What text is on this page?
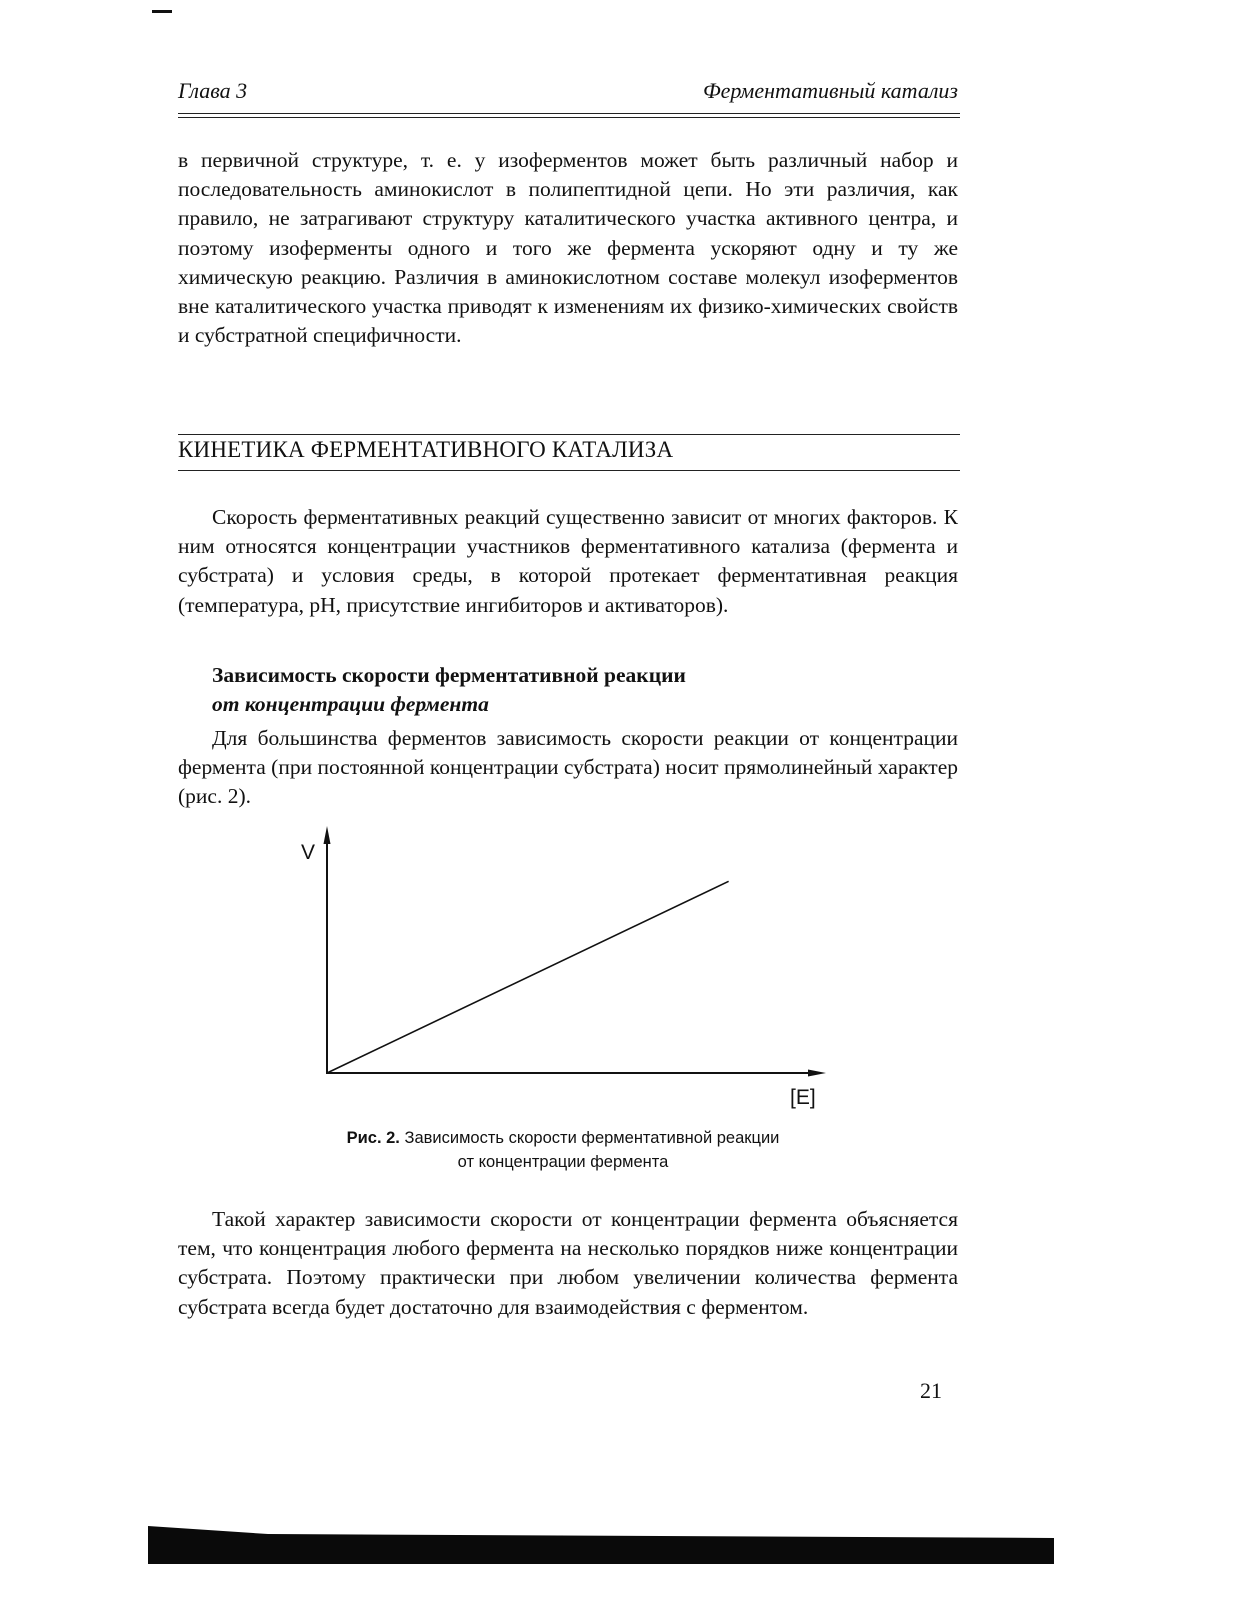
Глава 3	Ферментативный катализ

в первичной структуре, т. е. у изоферментов может быть различный набор и последовательность аминокислот в полипептидной цепи. Но эти различия, как правило, не затрагивают структуру каталитического участка активного центра, и поэтому изоферменты одного и того же фермента ускоряют одну и ту же химическую реакцию. Различия в аминокислотном составе молекул изоферментов вне каталитического участка приводят к изменениям их физико-химических свойств и субстратной специфичности.

КИНЕТИКА ФЕРМЕНТАТИВНОГО КАТАЛИЗА

Скорость ферментативных реакций существенно зависит от многих факторов. К ним относятся концентрации участников ферментативного катализа (фермента и субстрата) и условия среды, в которой протекает ферментативная реакция (температура, рН, присутствие ингибиторов и активаторов).

Зависимость скорости ферментативной реакции
от концентрации фермента

Для большинства ферментов зависимость скорости реакции от концентрации фермента (при постоянной концентрации субстрата) носит прямолинейный характер (рис. 2).

V
[E]
Рис. 2. Зависимость скорости ферментативной реакции
от концентрации фермента

Такой характер зависимости скорости от концентрации фермента объясняется тем, что концентрация любого фермента на несколько порядков ниже концентрации субстрата. Поэтому практически при любом увеличении количества фермента субстрата всегда будет достаточно для взаимодействия с ферментом.

21
